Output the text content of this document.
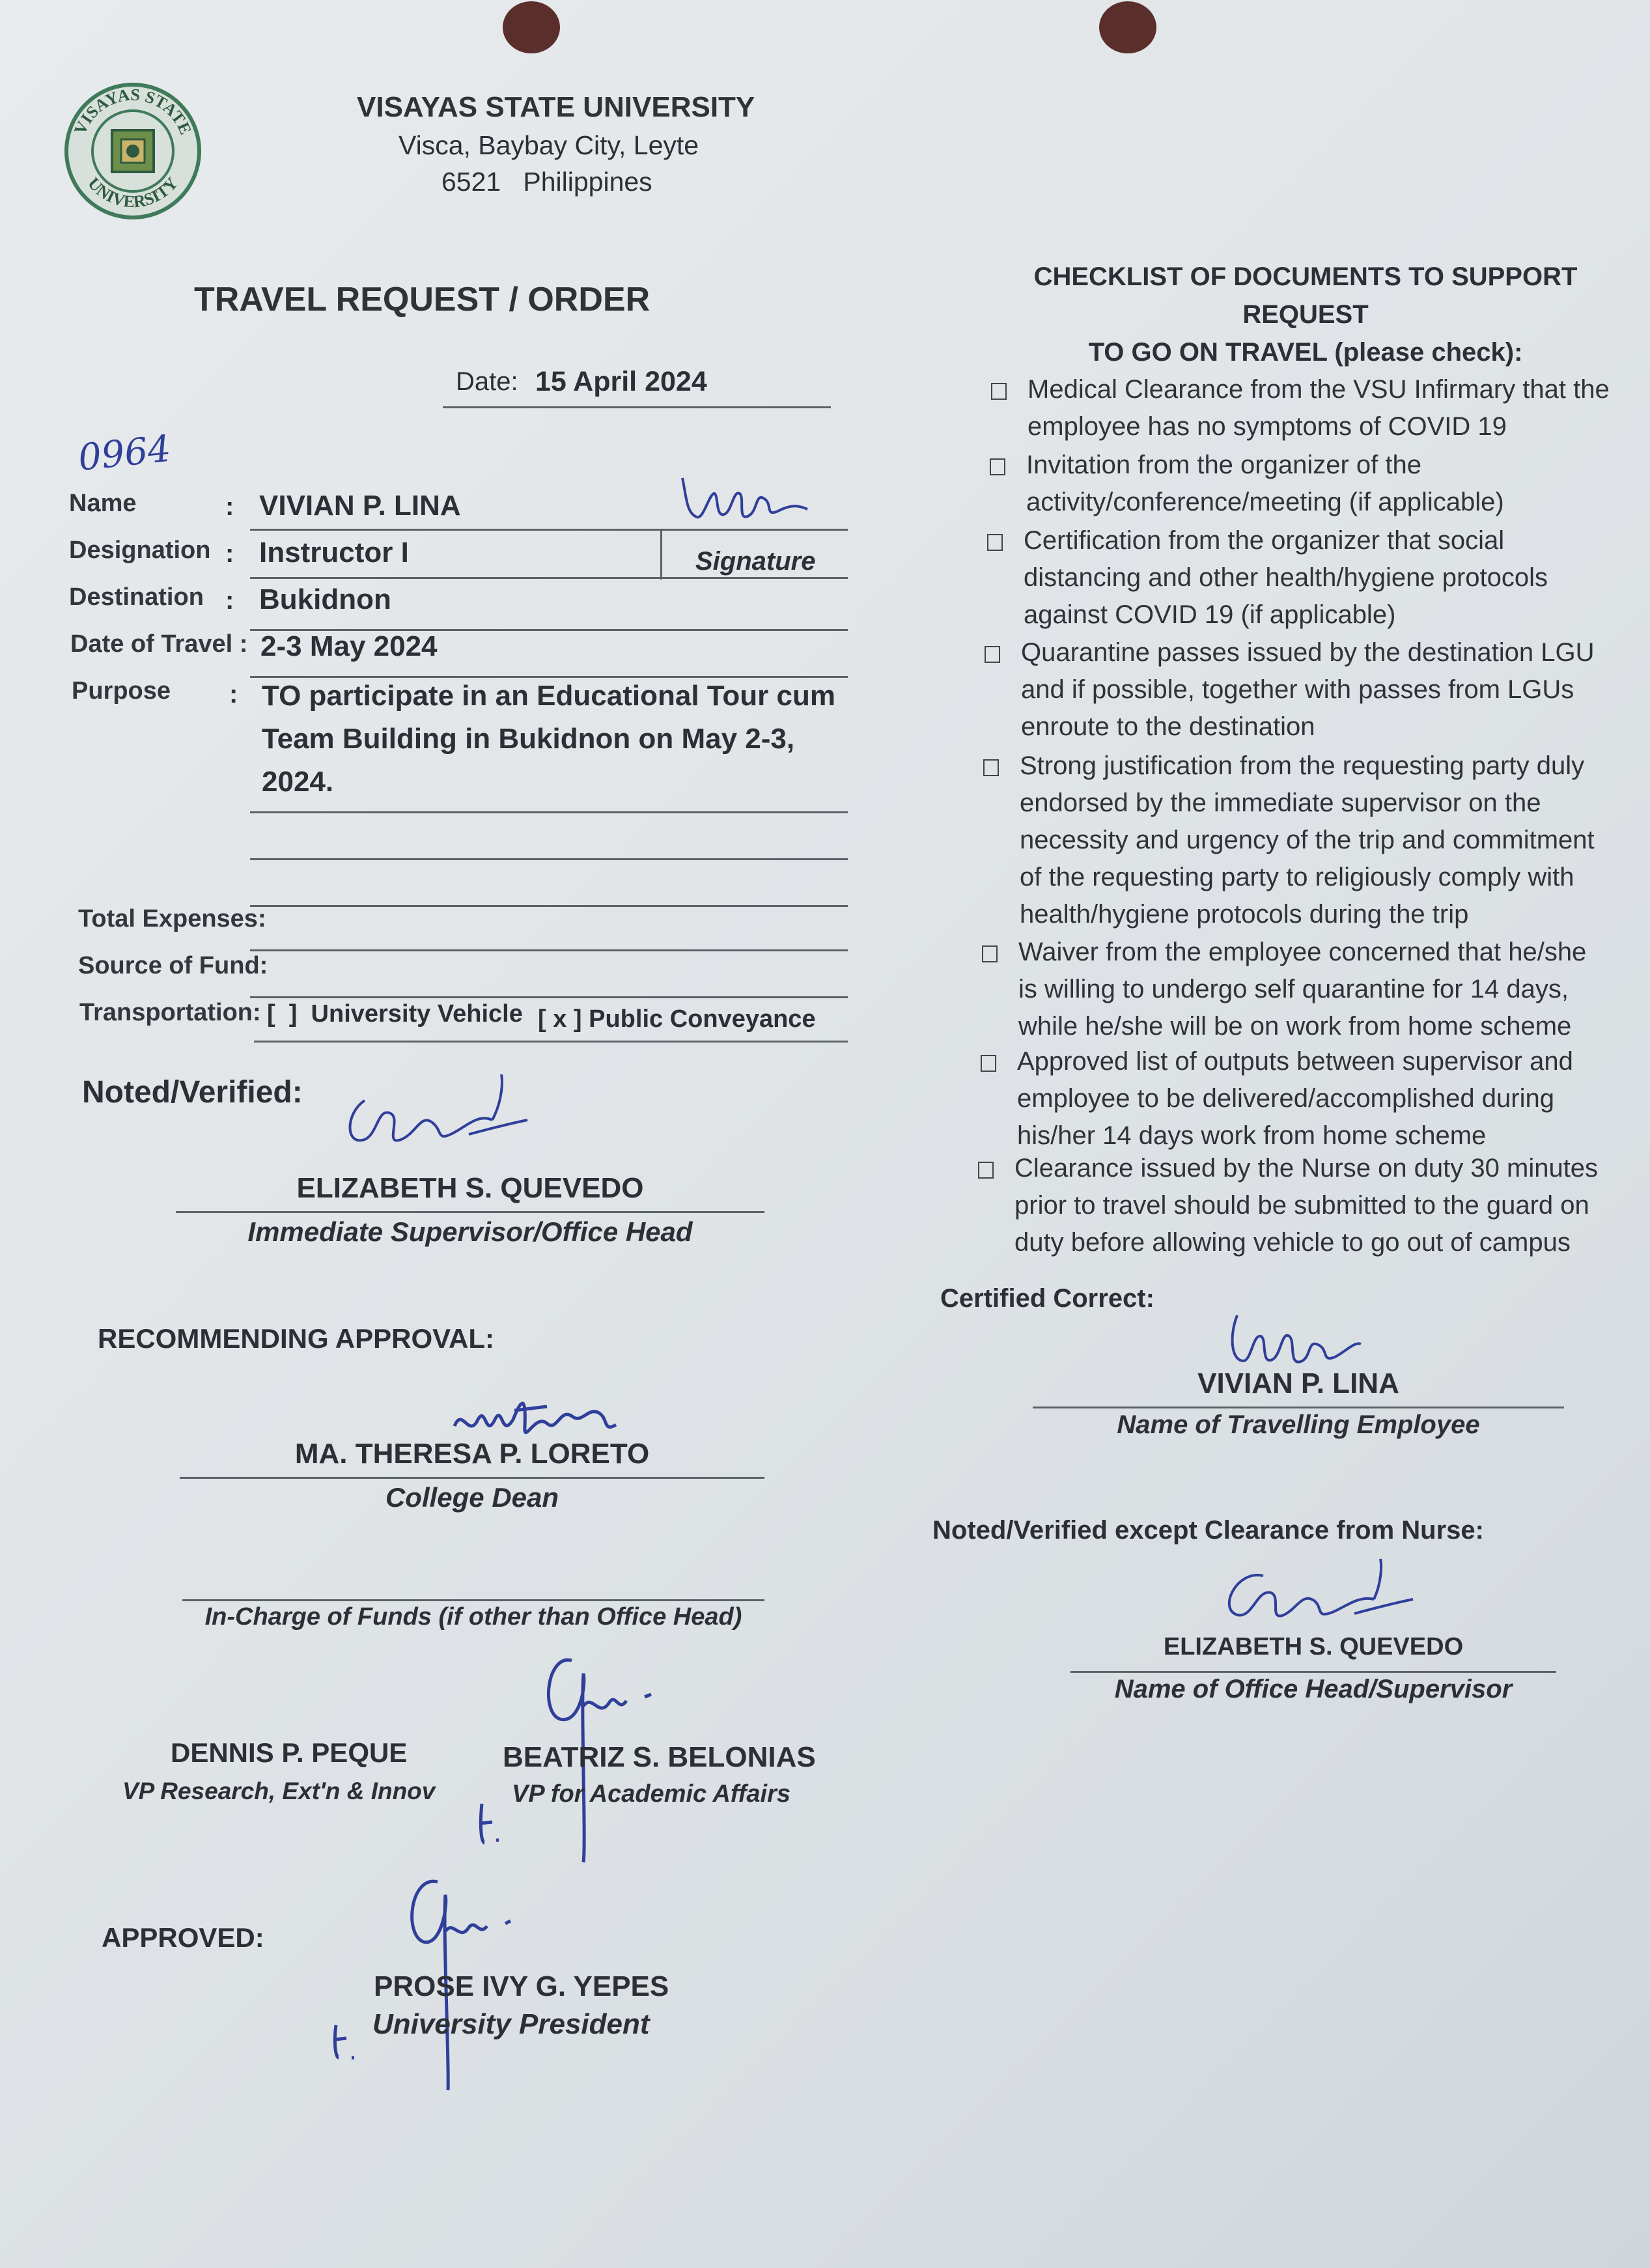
VISAYAS STATE
UNIVERSITY
VISAYAS STATE UNIVERSITY
Visca, Baybay City, Leyte
6521   Philippines
TRAVEL REQUEST / ORDER
Date: 15 April 2024
0964
Name	: VIVIAN P. LINA
Designation : Instructor I	Signature
Destination : Bukidnon
Date of Travel : 2-3 May 2024
Purpose : TO participate in an Educational Tour cum
Team Building in Bukidnon on May 2-3,
2024.
Total Expenses:
Source of Fund:
Transportation: [  ]  University Vehicle [ x ] Public Conveyance
Noted/Verified:
ELIZABETH S. QUEVEDO
Immediate Supervisor/Office Head
RECOMMENDING APPROVAL:
MA. THERESA P. LORETO
College Dean
In-Charge of Funds (if other than Office Head)
DENNIS P. PEQUE
VP Research, Ext'n & Innov
BEATRIZ S. BELONIAS
VP for Academic Affairs
APPROVED:
PROSE IVY G. YEPES
University President
CHECKLIST OF DOCUMENTS TO SUPPORT REQUEST
TO GO ON TRAVEL (please check):
Medical Clearance from the VSU Infirmary that the
employee has no symptoms of COVID 19
Invitation from the organizer of the
activity/conference/meeting (if applicable)
Certification from the organizer that social
distancing and other health/hygiene protocols
against COVID 19 (if applicable)
Quarantine passes issued by the destination LGU
and if possible, together with passes from LGUs
enroute to the destination
Strong justification from the requesting party duly
endorsed by the immediate supervisor on the
necessity and urgency of the trip and commitment
of the requesting party to religiously comply with
health/hygiene protocols during the trip
Waiver from the employee concerned that he/she
is willing to undergo self quarantine for 14 days,
while he/she will be on work from home scheme
Approved list of outputs between supervisor and
employee to be delivered/accomplished during
his/her 14 days work from home scheme
Clearance issued by the Nurse on duty 30 minutes
prior to travel should be submitted to the guard on
duty before allowing vehicle to go out of campus
Certified Correct:
VIVIAN P. LINA
Name of Travelling Employee
Noted/Verified except Clearance from Nurse:
ELIZABETH S. QUEVEDO
Name of Office Head/Supervisor
